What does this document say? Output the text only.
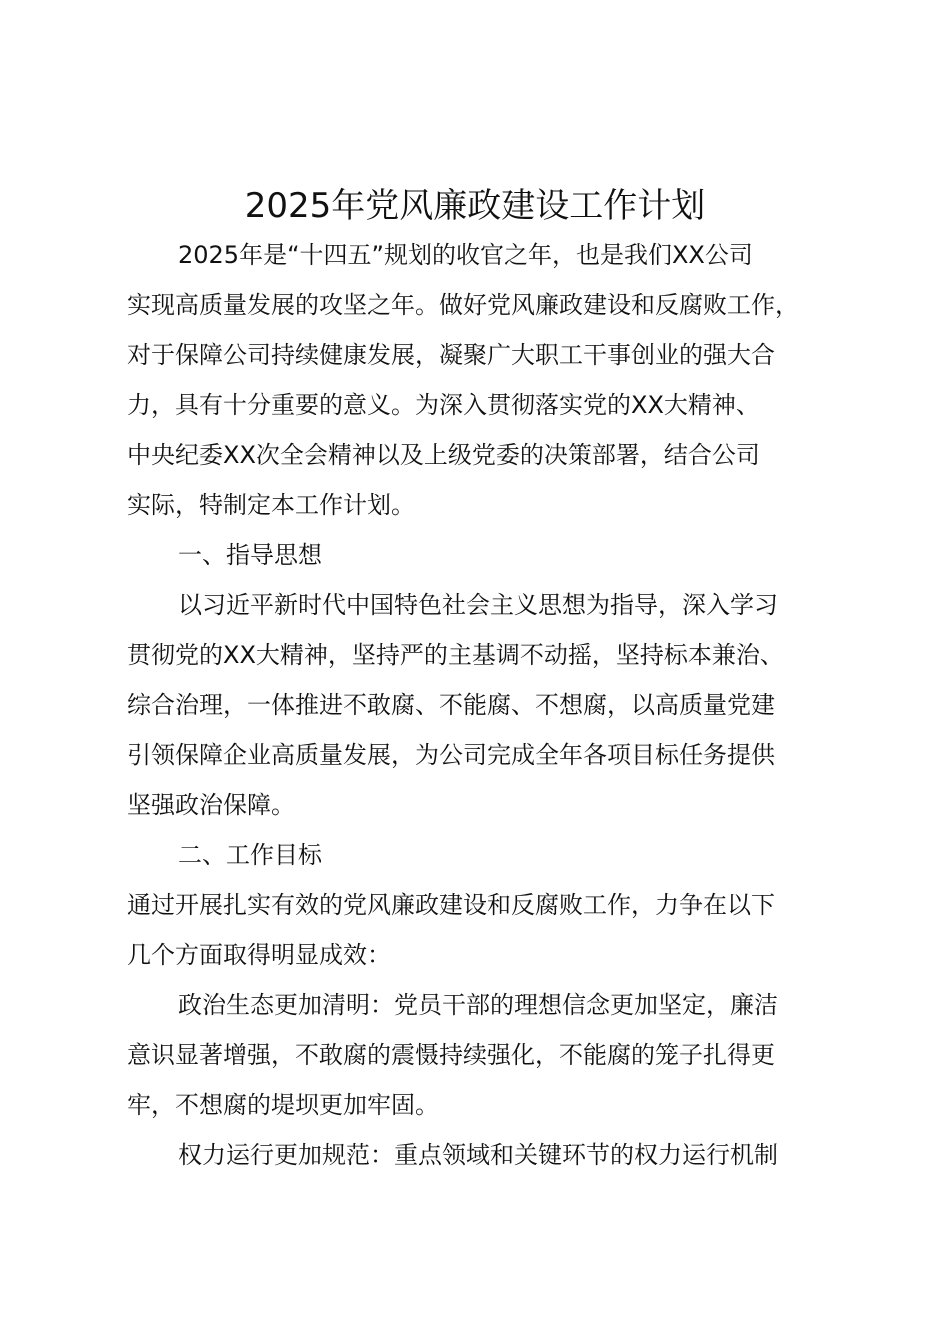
2025年党风廉政建设工作计划
2025年是“十四五”规划的收官之年，也是我们XX公司
实现高质量发展的攻坚之年。做好党风廉政建设和反腐败工作，
对于保障公司持续健康发展，凝聚广大职工干事创业的强大合
力，具有十分重要的意义。为深入贯彻落实党的XX大精神、
中央纪委XX次全会精神以及上级党委的决策部署，结合公司
实际，特制定本工作计划。
一、指导思想
以习近平新时代中国特色社会主义思想为指导，深入学习
贯彻党的XX大精神，坚持严的主基调不动摇，坚持标本兼治、
综合治理，一体推进不敢腐、不能腐、不想腐，以高质量党建
引领保障企业高质量发展，为公司完成全年各项目标任务提供
坚强政治保障。
二、工作目标
通过开展扎实有效的党风廉政建设和反腐败工作，力争在以下
几个方面取得明显成效：
政治生态更加清明：党员干部的理想信念更加坚定，廉洁
意识显著增强，不敢腐的震慑持续强化，不能腐的笼子扎得更
牢，不想腐的堤坝更加牢固。
权力运行更加规范：重点领域和关键环节的权力运行机制
